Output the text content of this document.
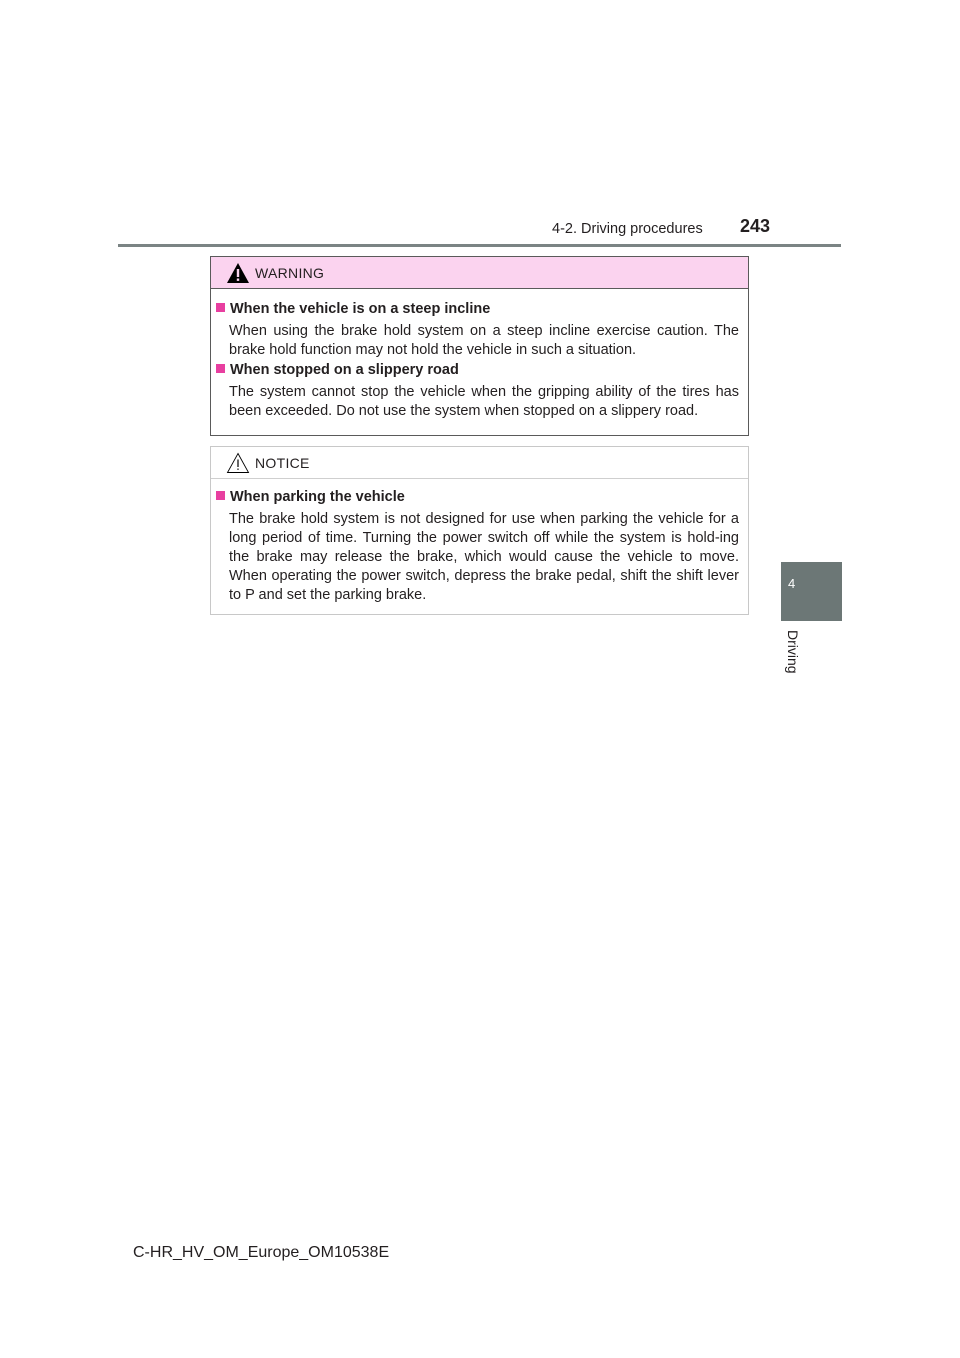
4-2. Driving procedures 243
4
Driving
WARNING
When the vehicle is on a steep incline

When using the brake hold system on a steep incline exercise caution. The brake hold function may not hold the vehicle in such a situation.

When stopped on a slippery road

The system cannot stop the vehicle when the gripping ability of the tires has been exceeded. Do not use the system when stopped on a slippery road.

NOTICE
When parking the vehicle

The brake hold system is not designed for use when parking the vehicle for a long period of time. Turning the power switch off while the system is hold-ing the brake may release the brake, which would cause the vehicle to move. When operating the power switch, depress the brake pedal, shift the shift lever to P and set the parking brake.

C-HR_HV_OM_Europe_OM10538E
